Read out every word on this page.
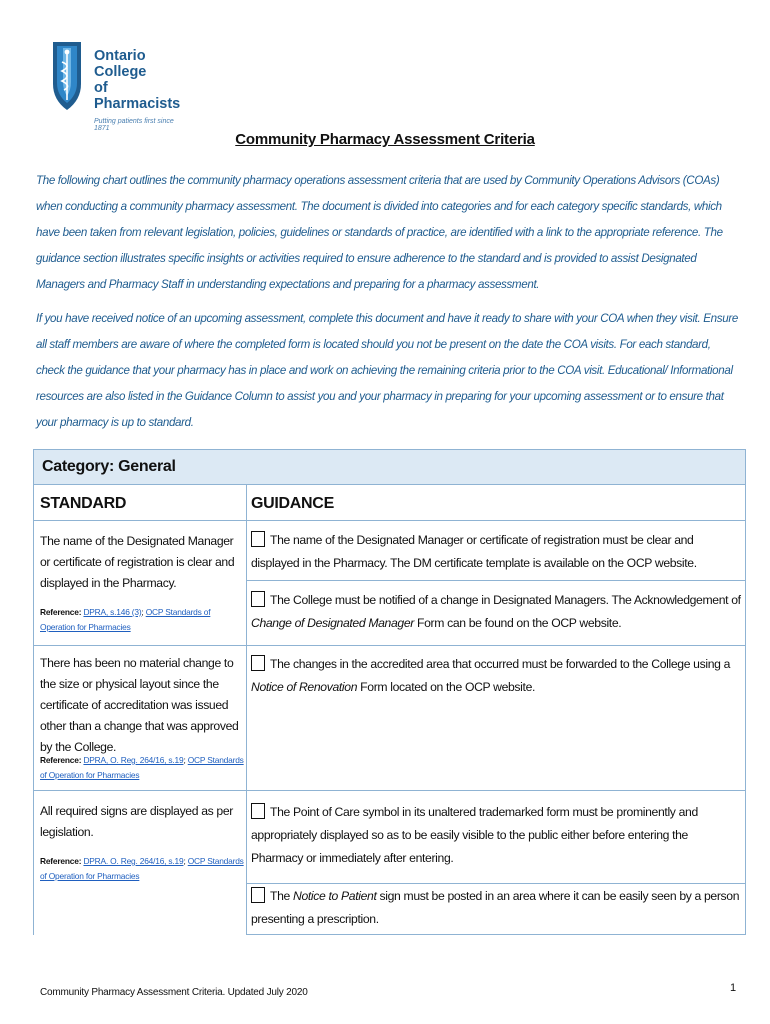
Ontario College
of Pharmacists
Putting patients first since 1871
Community Pharmacy Assessment Criteria

The following chart outlines the community pharmacy operations assessment criteria that are used by Community Operations Advisors (COAs) when conducting a community pharmacy assessment. The document is divided into categories and for each category specific standards, which have been taken from relevant legislation, policies, guidelines or standards of practice, are identified with a link to the appropriate reference. The guidance section illustrates specific insights or activities required to ensure adherence to the standard and is provided to assist Designated Managers and Pharmacy Staff in understanding expectations and preparing for a pharmacy assessment.

If you have received notice of an upcoming assessment, complete this document and have it ready to share with your COA when they visit. Ensure all staff members are aware of where the completed form is located should you not be present on the date the COA visits. For each standard, check the guidance that your pharmacy has in place and work on achieving the remaining criteria prior to the COA visit. Educational/ Informational resources are also listed in the Guidance Column to assist you and your pharmacy in preparing for your upcoming assessment or to ensure that your pharmacy is up to standard.

Category: General
STANDARD	GUIDANCE
The name of the Designated Manager or certificate of registration is clear and displayed in the Pharmacy.
Reference: DPRA, s.146 (3); OCP Standards of Operation for Pharmacies
The name of the Designated Manager or certificate of registration must be clear and displayed in the Pharmacy. The DM certificate template is available on the OCP website.
The College must be notified of a change in Designated Managers. The Acknowledgement of Change of Designated Manager Form can be found on the OCP website.
There has been no material change to the size or physical layout since the certificate of accreditation was issued other than a change that was approved by the College.
Reference: DPRA, O. Reg. 264/16, s.19; OCP Standards of Operation for Pharmacies
The changes in the accredited area that occurred must be forwarded to the College using a Notice of Renovation Form located on the OCP website.
All required signs are displayed as per legislation.
Reference: DPRA. O. Reg. 264/16, s.19; OCP Standards of Operation for Pharmacies
The Point of Care symbol in its unaltered trademarked form must be prominently and appropriately displayed so as to be easily visible to the public either before entering the Pharmacy or immediately after entering.
The Notice to Patient sign must be posted in an area where it can be easily seen by a person presenting a prescription.
Community Pharmacy Assessment Criteria. Updated July 2020	1
